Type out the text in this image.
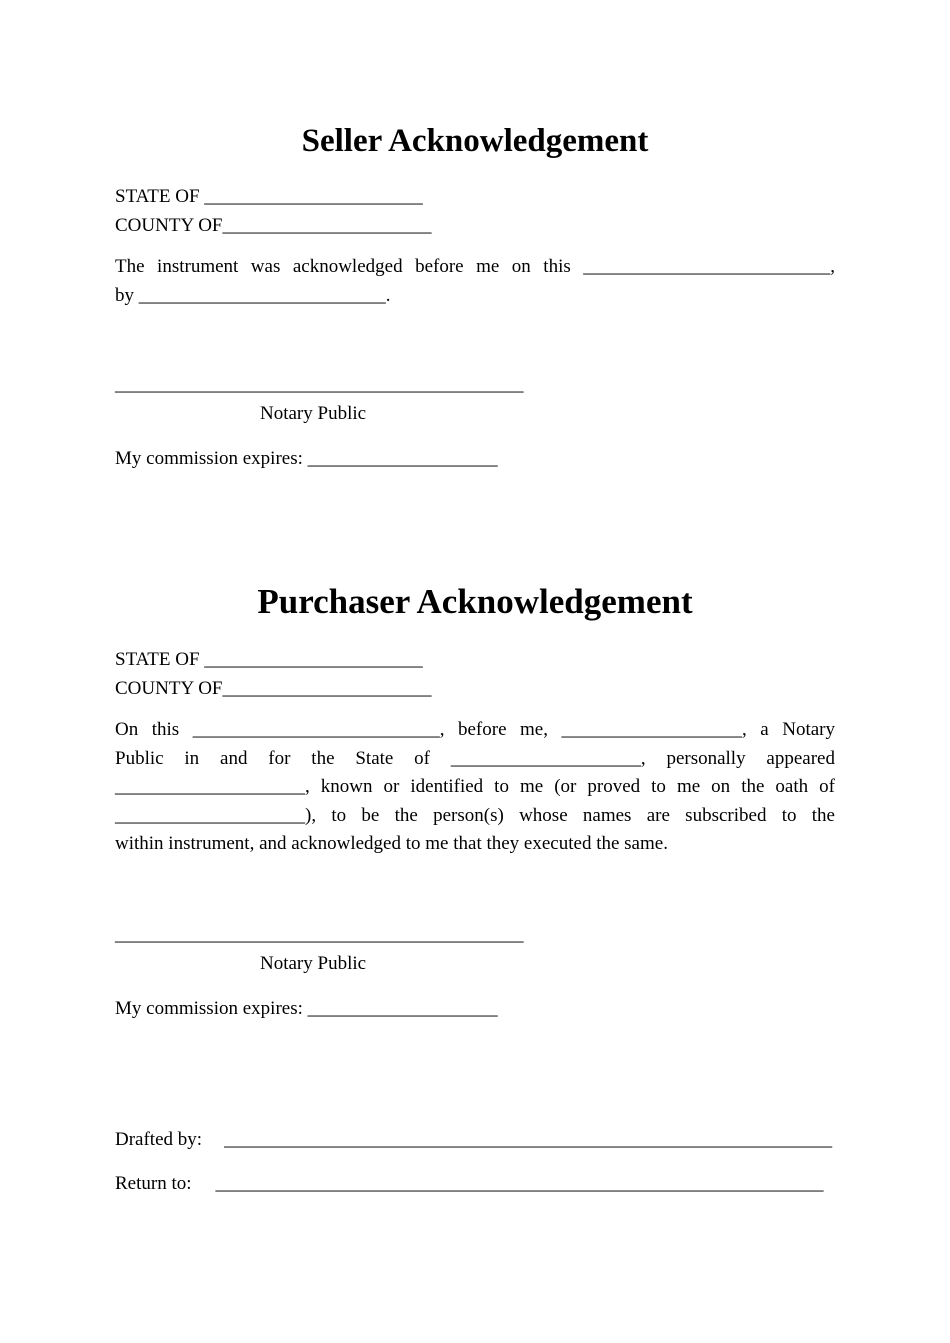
Seller Acknowledgement
STATE OF _______________________
COUNTY OF______________________
The instrument was acknowledged before me on this __________________________,
by __________________________.
___________________________________________
Notary Public
My commission expires: ____________________
Purchaser Acknowledgement
STATE OF _______________________
COUNTY OF______________________
On this __________________________, before me, ___________________, a Notary
Public in and for the State of ____________________, personally appeared
____________________, known or identified to me (or proved to me on the oath of
____________________), to be the person(s) whose names are subscribed to the
within instrument, and acknowledged to me that they executed the same.
___________________________________________
Notary Public
My commission expires: ____________________
Drafted by: ________________________________________________________________
Return to: ________________________________________________________________
